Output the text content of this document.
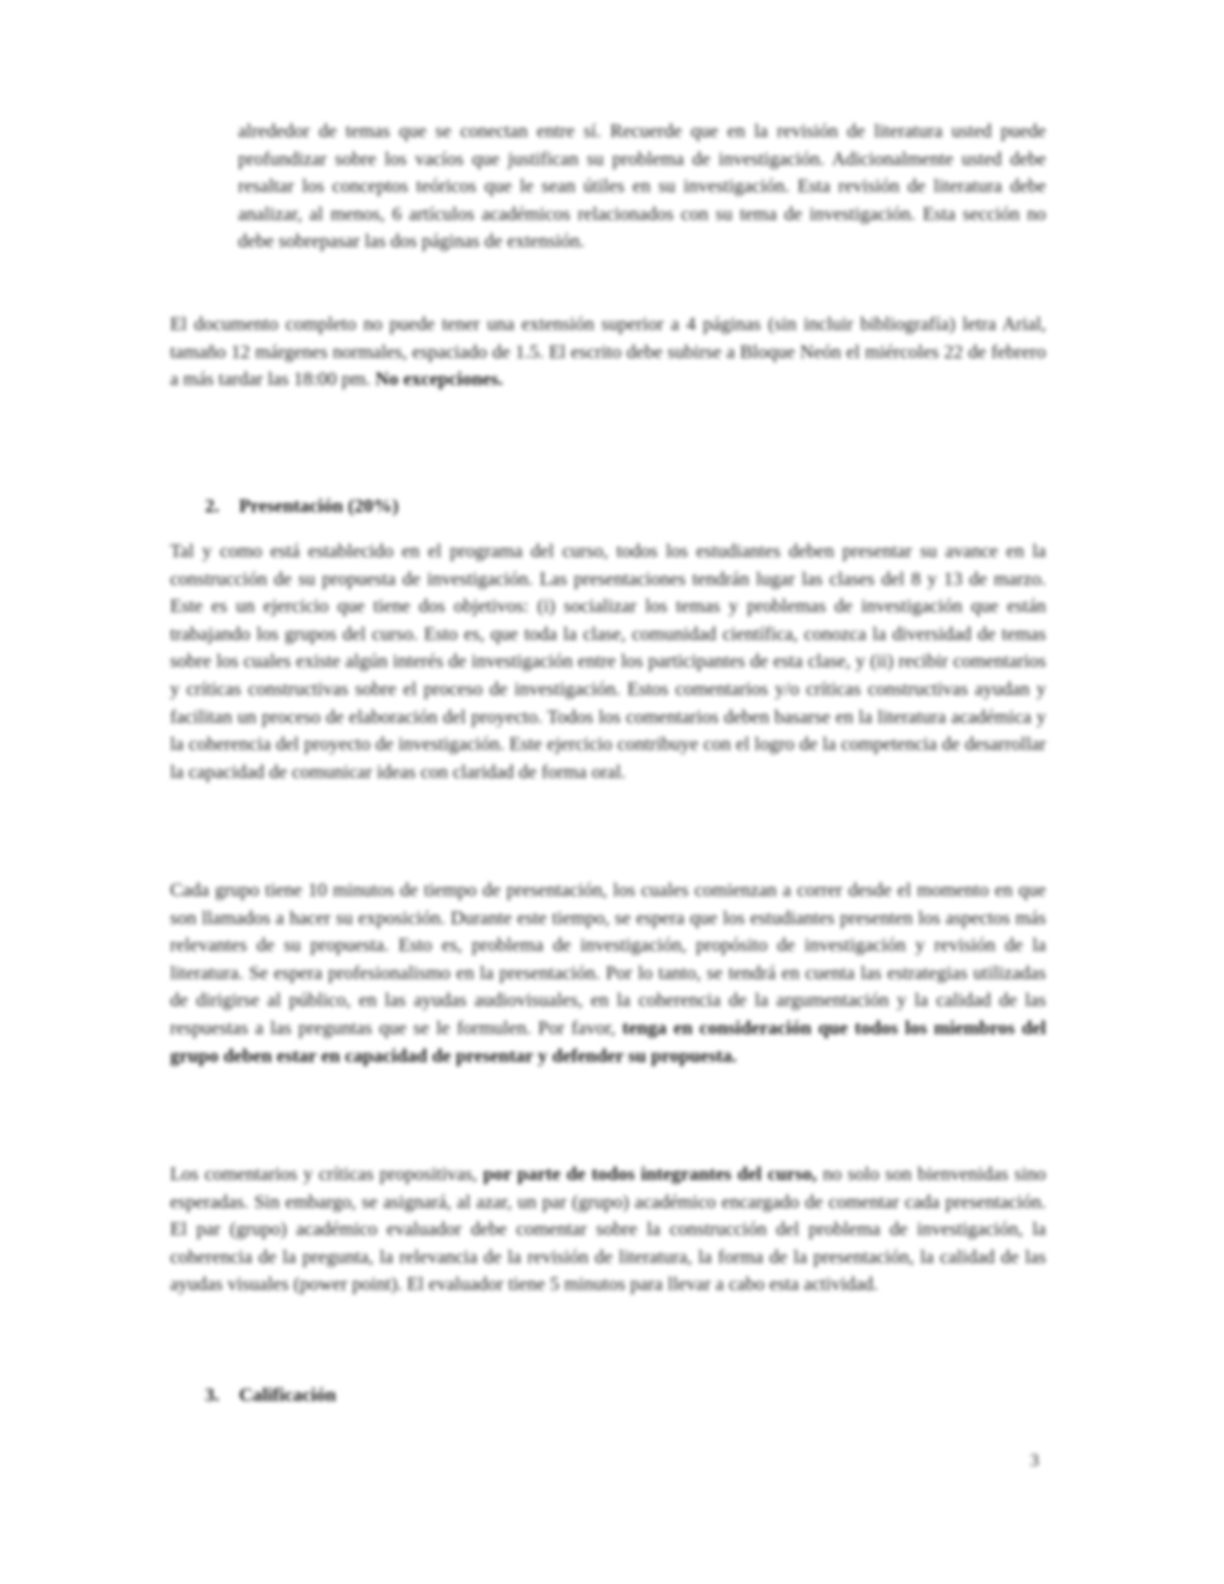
alrededor de temas que se conectan entre sí. Recuerde que en la revisión de literatura usted puede profundizar sobre los vacíos que justifican su problema de investigación. Adicionalmente usted debe resaltar los conceptos teóricos que le sean útiles en su investigación. Esta revisión de literatura debe analizar, al menos, 6 artículos académicos relacionados con su tema de investigación. Esta sección no debe sobrepasar las dos páginas de extensión.

El documento completo no puede tener una extensión superior a 4 páginas (sin incluir bibliografía) letra Arial, tamaño 12 márgenes normales, espaciado de 1.5. El escrito debe subirse a Bloque Neón el miércoles 22 de febrero a más tardar las 18:00 pm. No excepciones.

2. Presentación (20%)

Tal y como está establecido en el programa del curso, todos los estudiantes deben presentar su avance en la construcción de su propuesta de investigación. Las presentaciones tendrán lugar las clases del 8 y 13 de marzo. Este es un ejercicio que tiene dos objetivos: (i) socializar los temas y problemas de investigación que están trabajando los grupos del curso. Esto es, que toda la clase, comunidad científica, conozca la diversidad de temas sobre los cuales existe algún interés de investigación entre los participantes de esta clase, y (ii) recibir comentarios y críticas constructivas sobre el proceso de investigación. Estos comentarios y/o críticas constructivas ayudan y facilitan un proceso de elaboración del proyecto. Todos los comentarios deben basarse en la literatura académica y la coherencia del proyecto de investigación. Este ejercicio contribuye con el logro de la competencia de desarrollar la capacidad de comunicar ideas con claridad de forma oral.

Cada grupo tiene 10 minutos de tiempo de presentación, los cuales comienzan a correr desde el momento en que son llamados a hacer su exposición. Durante este tiempo, se espera que los estudiantes presenten los aspectos más relevantes de su propuesta. Esto es, problema de investigación, propósito de investigación y revisión de la literatura. Se espera profesionalismo en la presentación. Por lo tanto, se tendrá en cuenta las estrategias utilizadas de dirigirse al público, en las ayudas audiovisuales, en la coherencia de la argumentación y la calidad de las respuestas a las preguntas que se le formulen. Por favor, tenga en consideración que todos los miembros del grupo deben estar en capacidad de presentar y defender su propuesta.

Los comentarios y críticas propositivas, por parte de todos integrantes del curso, no solo son bienvenidas sino esperadas. Sin embargo, se asignará, al azar, un par (grupo) académico encargado de comentar cada presentación. El par (grupo) académico evaluador debe comentar sobre la construcción del problema de investigación, la coherencia de la pregunta, la relevancia de la revisión de literatura, la forma de la presentación, la calidad de las ayudas visuales (power point). El evaluador tiene 5 minutos para llevar a cabo esta actividad.

3. Calificación
3
